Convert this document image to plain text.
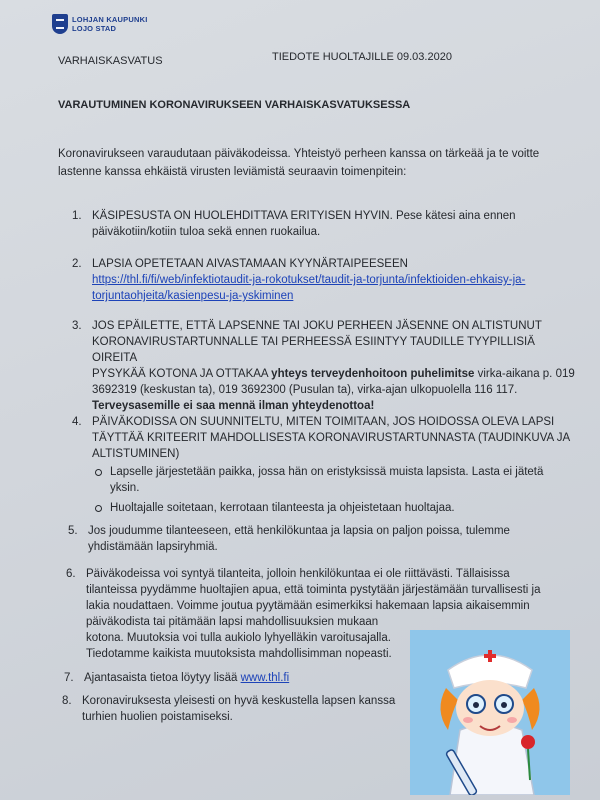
LOHJAN KAUPUNKI
LOJO STAD
VARHAISKASVATUS	TIEDOTE HUOLTAJILLE 09.03.2020
VARAUTUMINEN KORONAVIRUKSEEN VARHAISKASVATUKSESSA
Koronavirukseen varaudutaan päiväkodeissa. Yhteistyö perheen kanssa on tärkeää ja te voitte
lastenne kanssa ehkäistä virusten leviämistä seuraavin toimenpitein:
1. KÄSIPESUSTA ON HUOLEHDITTAVA ERITYISEN HYVIN. Pese kätesi aina ennen

päiväkotiin/kotiin tuloa sekä ennen ruokailua.

2. LAPSIA OPETETAAN AIVASTAMAAN KYYNÄRTAIPEESEEN

https://thl.fi/fi/web/infektiotaudit-ja-rokotukset/taudit-ja-torjunta/infektioiden-ehkaisy-ja-
torjuntaohjeita/kasienpesu-ja-yskiminen
3. JOS EPÄILETTE, ETTÄ LAPSENNE TAI JOKU PERHEEN JÄSENNE ON ALTISTUNUT

KORONAVIRUSTARTUNNALLE TAI PERHEESSÄ ESIINTYY TAUDILLE TYYPILLISIÄ OIREITA

PYSYKÄÄ KOTONA JA OTTAKAA yhteys terveydenhoitoon puhelimitse virka-aikana p. 019

3692319 (keskustan ta), 019 3692300 (Pusulan ta), virka-ajan ulkopuolella 116 117.

Terveysasemille ei saa mennä ilman yhteydenottoa!

4. PÄIVÄKODISSA ON SUUNNITELTU, MITEN TOIMITAAN, JOS HOIDOSSA OLEVA LAPSI

TÄYTTÄÄ KRITEERIT MAHDOLLISESTA KORONAVIRUSTARTUNNASTA (TAUDINKUVA JA

ALTISTUMINEN)

Lapselle järjestetään paikka, jossa hän on eristyksissä muista lapsista. Lasta ei jätetä

yksin.

Huoltajalle soitetaan, kerrotaan tilanteesta ja ohjeistetaan huoltajaa.

5. Jos joudumme tilanteeseen, että henkilökuntaa ja lapsia on paljon poissa, tulemme

yhdistämään lapsiryhmiä.

6. Päiväkodeissa voi syntyä tilanteita, jolloin henkilökuntaa ei ole riittävästi. Tällaisissa

tilanteissa pyydämme huoltajien apua, että toiminta pystytään järjestämään turvallisesti ja

lakia noudattaen. Voimme joutua pyytämään esimerkiksi hakemaan lapsia aikaisemmin

päiväkodista tai pitämään lapsi mahdollisuuksien mukaan

kotona. Muutoksia voi tulla aukiolo lyhyelläkin varoitusajalla.

Tiedotamme kaikista muutoksista mahdollisimman nopeasti.

7. Ajantasaista tietoa löytyy lisää www.thl.fi

8. Koronaviruksesta yleisesti on hyvä keskustella lapsen kanssa

turhien huolien poistamiseksi.
